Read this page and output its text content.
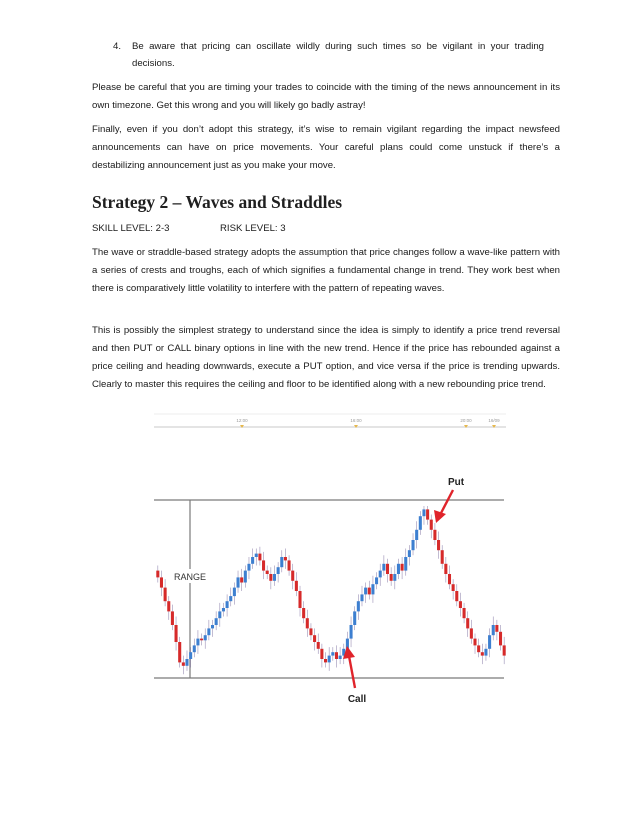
4. Be aware that pricing can oscillate wildly during such times so be vigilant in your trading

decisions.

Please be careful that you are timing your trades to coincide with the timing of the news announcement in its own timezone. Get this wrong and you will likely go badly astray!

Finally, even if you don’t adopt this strategy, it’s wise to remain vigilant regarding the impact newsfeed announcements can have on price movements. Your careful plans could come unstuck if there’s a destabilizing announcement just as you make your move.

Strategy 2 – Waves and Straddles
SKILL LEVEL: 2-3	RISK LEVEL: 3

The wave or straddle-based strategy adopts the assumption that price changes follow a wave-like pattern with a series of crests and troughs, each of which signifies a fundamental change in trend. They work best when there is comparatively little volatility to interfere with the pattern of repeating waves.

This is possibly the simplest strategy to understand since the idea is simply to identify a price trend reversal and then PUT or CALL binary options in line with the new trend. Hence if the price has rebounded against a price ceiling and heading downwards, execute a PUT option, and vice versa if the price is trending upwards. Clearly to master this requires the ceiling and floor to be identified along with a new rebounding price trend.

12:00	16:00	20:00	16/09
RANGE
Put
Call
